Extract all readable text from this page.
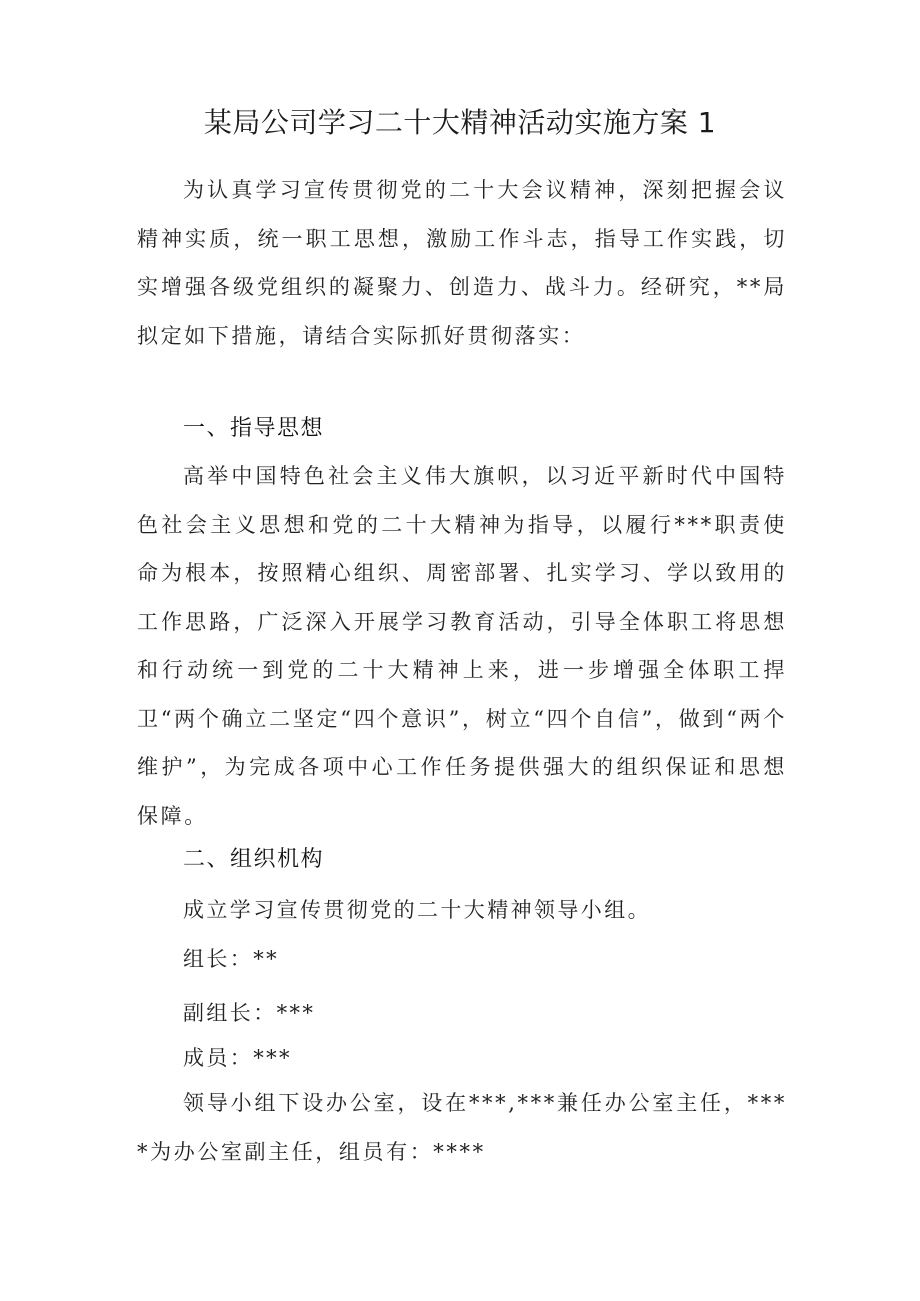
某局公司学习二十大精神活动实施方案 1
为认真学习宣传贯彻党的二十大会议精神，深刻把握会议精神实质，统一职工思想，激励工作斗志，指导工作实践，切实增强各级党组织的凝聚力、创造力、战斗力。经研究，**局拟定如下措施，请结合实际抓好贯彻落实：
一、指导思想
高举中国特色社会主义伟大旗帜，以习近平新时代中国特色社会主义思想和党的二十大精神为指导，以履行***职责使命为根本，按照精心组织、周密部署、扎实学习、学以致用的工作思路，广泛深入开展学习教育活动，引导全体职工将思想和行动统一到党的二十大精神上来，进一步增强全体职工捍卫“两个确立二坚定“四个意识”，树立“四个自信”，做到“两个维护”，为完成各项中心工作任务提供强大的组织保证和思想保障。
二、组织机构
成立学习宣传贯彻党的二十大精神领导小组。
组长：**
副组长：***
成员：***
领导小组下设办公室，设在***,***兼任办公室主任，****为办公室副主任，组员有：****
